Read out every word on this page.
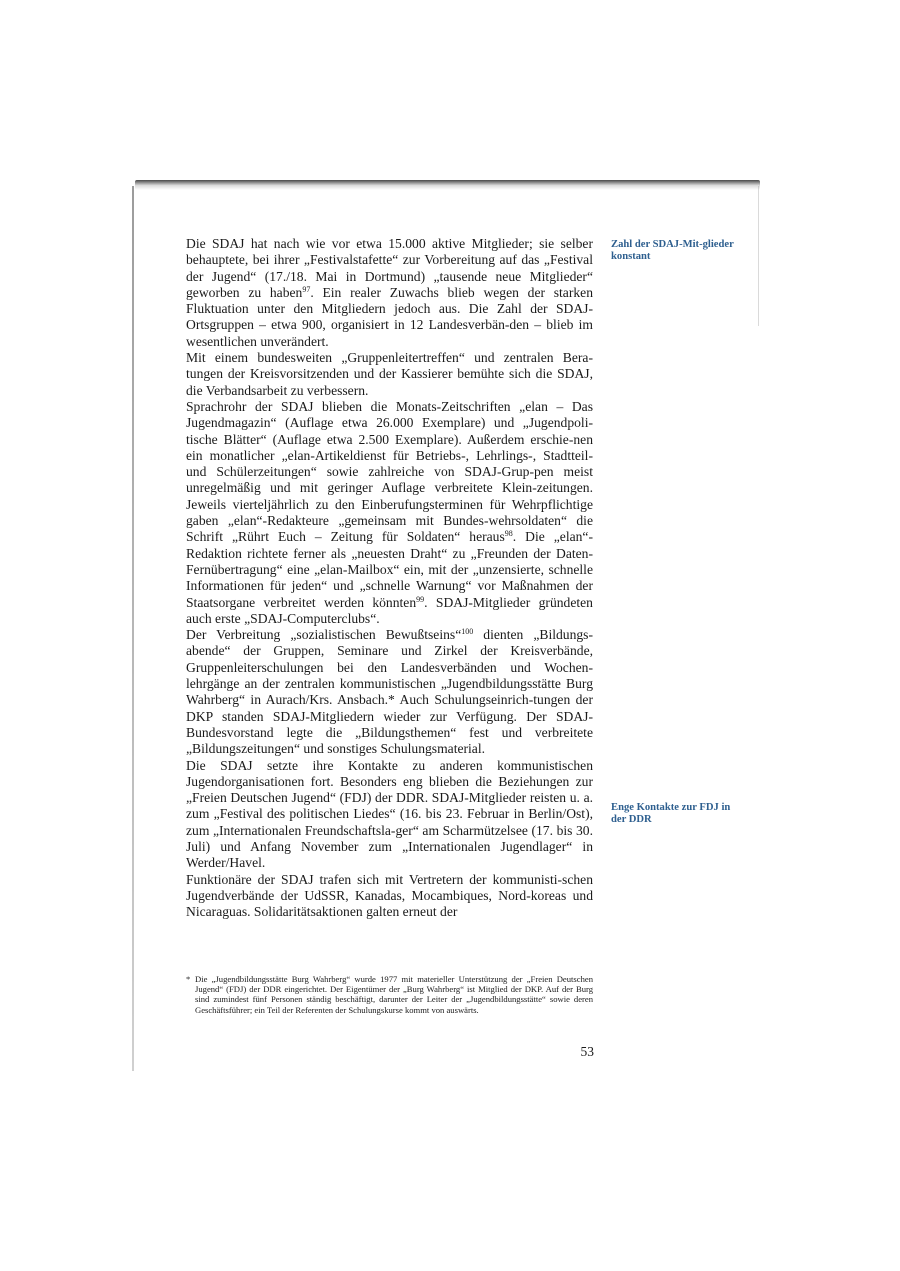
Die SDAJ hat nach wie vor etwa 15.000 aktive Mitglieder; sie selber behauptete, bei ihrer „Festivalstafette“ zur Vorbereitung auf das „Festival der Jugend“ (17./18. Mai in Dortmund) „tausende neue Mitglieder“ geworben zu haben$^{97}$. Ein realer Zuwachs blieb wegen der starken Fluktuation unter den Mitgliedern jedoch aus. Die Zahl der SDAJ-Ortsgruppen – etwa 900, organisiert in 12 Landesverbän-den – blieb im wesentlichen unverändert.

Mit einem bundesweiten „Gruppenleitertreffen“ und zentralen Bera-tungen der Kreisvorsitzenden und der Kassierer bemühte sich die SDAJ, die Verbandsarbeit zu verbessern.

Sprachrohr der SDAJ blieben die Monats-Zeitschriften „elan – Das Jugendmagazin“ (Auflage etwa 26.000 Exemplare) und „Jugendpoli-tische Blätter“ (Auflage etwa 2.500 Exemplare). Außerdem erschie-nen ein monatlicher „elan-Artikeldienst für Betriebs-, Lehrlings-, Stadtteil- und Schülerzeitungen“ sowie zahlreiche von SDAJ-Grup-pen meist unregelmäßig und mit geringer Auflage verbreitete Klein-zeitungen. Jeweils vierteljährlich zu den Einberufungsterminen für Wehrpflichtige gaben „elan“-Redakteure „gemeinsam mit Bundes-wehrsoldaten“ die Schrift „Rührt Euch – Zeitung für Soldaten“ heraus$^{98}$. Die „elan“-Redaktion richtete ferner als „neuesten Draht“ zu „Freunden der Daten-Fernübertragung“ eine „elan-Mailbox“ ein, mit der „unzensierte, schnelle Informationen für jeden“ und „schnelle Warnung“ vor Maßnahmen der Staatsorgane verbreitet werden könnten$^{99}$. SDAJ-Mitglieder gründeten auch erste „SDAJ-Computerclubs“.

Der Verbreitung „sozialistischen Bewußtseins“$^{100}$ dienten „Bildungs-abende“ der Gruppen, Seminare und Zirkel der Kreisverbände, Gruppenleiterschulungen bei den Landesverbänden und Wochen-lehrgänge an der zentralen kommunistischen „Jugendbildungsstätte Burg Wahrberg“ in Aurach/Krs. Ansbach.* Auch Schulungseinrich-tungen der DKP standen SDAJ-Mitgliedern wieder zur Verfügung. Der SDAJ-Bundesvorstand legte die „Bildungsthemen“ fest und verbreitete „Bildungszeitungen“ und sonstiges Schulungsmaterial.

Die SDAJ setzte ihre Kontakte zu anderen kommunistischen Jugendorganisationen fort. Besonders eng blieben die Beziehungen zur „Freien Deutschen Jugend“ (FDJ) der DDR. SDAJ-Mitglieder reisten u. a. zum „Festival des politischen Liedes“ (16. bis 23. Februar in Berlin/Ost), zum „Internationalen Freundschaftsla-ger“ am Scharmützelsee (17. bis 30. Juli) und Anfang November zum „Internationalen Jugendlager“ in Werder/Havel.

Funktionäre der SDAJ trafen sich mit Vertretern der kommunisti-schen Jugendverbände der UdSSR, Kanadas, Mocambiques, Nord-koreas und Nicaraguas. Solidaritätsaktionen galten erneut der

Zahl der SDAJ-Mit-glieder konstant
Enge Kontakte zur FDJ in der DDR
* Die „Jugendbildungsstätte Burg Wahrberg“ wurde 1977 mit materieller Unterstützung der „Freien Deutschen Jugend“ (FDJ) der DDR eingerichtet. Der Eigentümer der „Burg Wahrberg“ ist Mitglied der DKP. Auf der Burg sind zumindest fünf Personen ständig beschäftigt, darunter der Leiter der „Jugendbildungsstätte“ sowie deren Geschäftsführer; ein Teil der Referenten der Schulungskurse kommt von auswärts.
53
